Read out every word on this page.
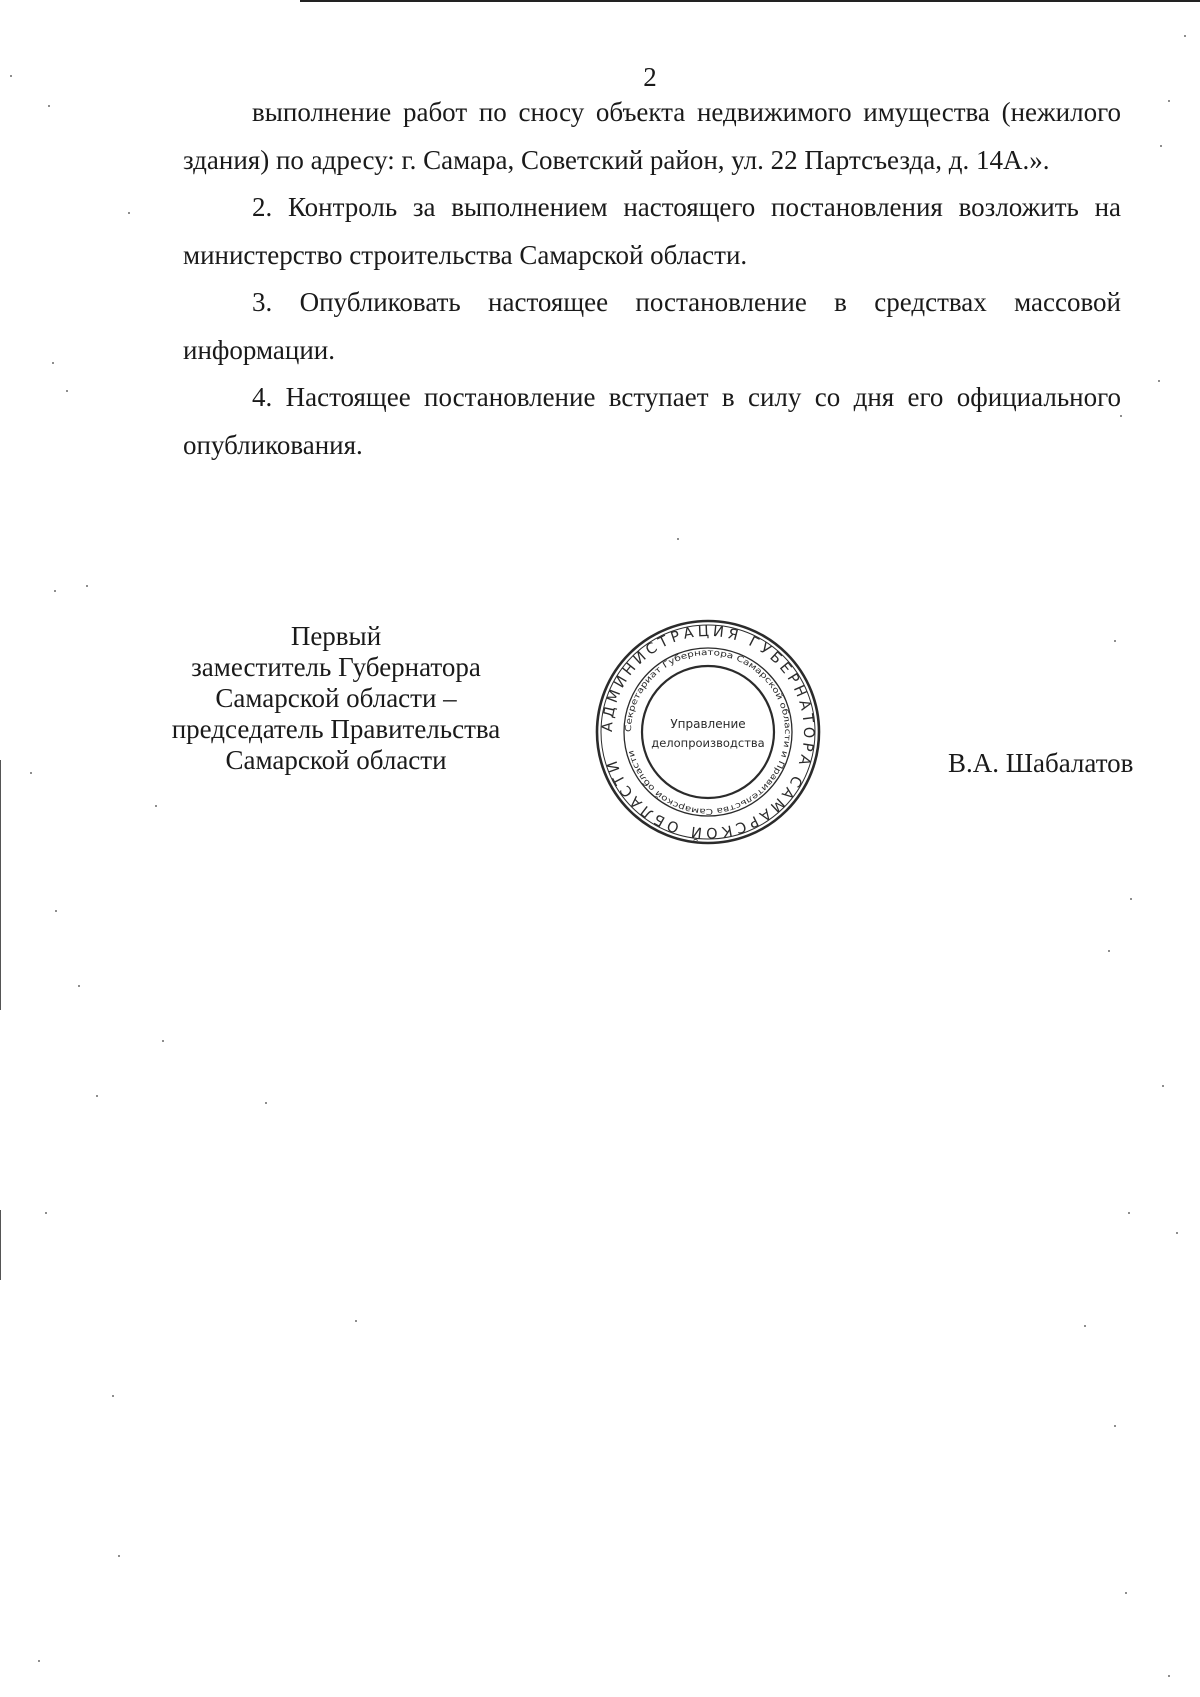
2

выполнение работ по сносу объекта недвижимого имущества (нежилого здания) по адресу: г. Самара, Советский район, ул. 22 Партсъезда, д. 14А.».

2. Контроль за выполнением настоящего постановления возложить на министерство строительства Самарской области.

3. Опубликовать настоящее постановление в средствах массовой информации.

4. Настоящее постановление вступает в силу со дня его официального опубликования.

Первый
заместитель Губернатора
Самарской области –
председатель Правительства
Самарской области	В.А. Шабалатов
АДМИНИСТРАЦИЯ ГУБЕРНАТОРА САМАРСКОЙ ОБЛАСТИ
Секретариат Губернатора Самарской области и Правительства Самарской области
Управление
делопроизводства
